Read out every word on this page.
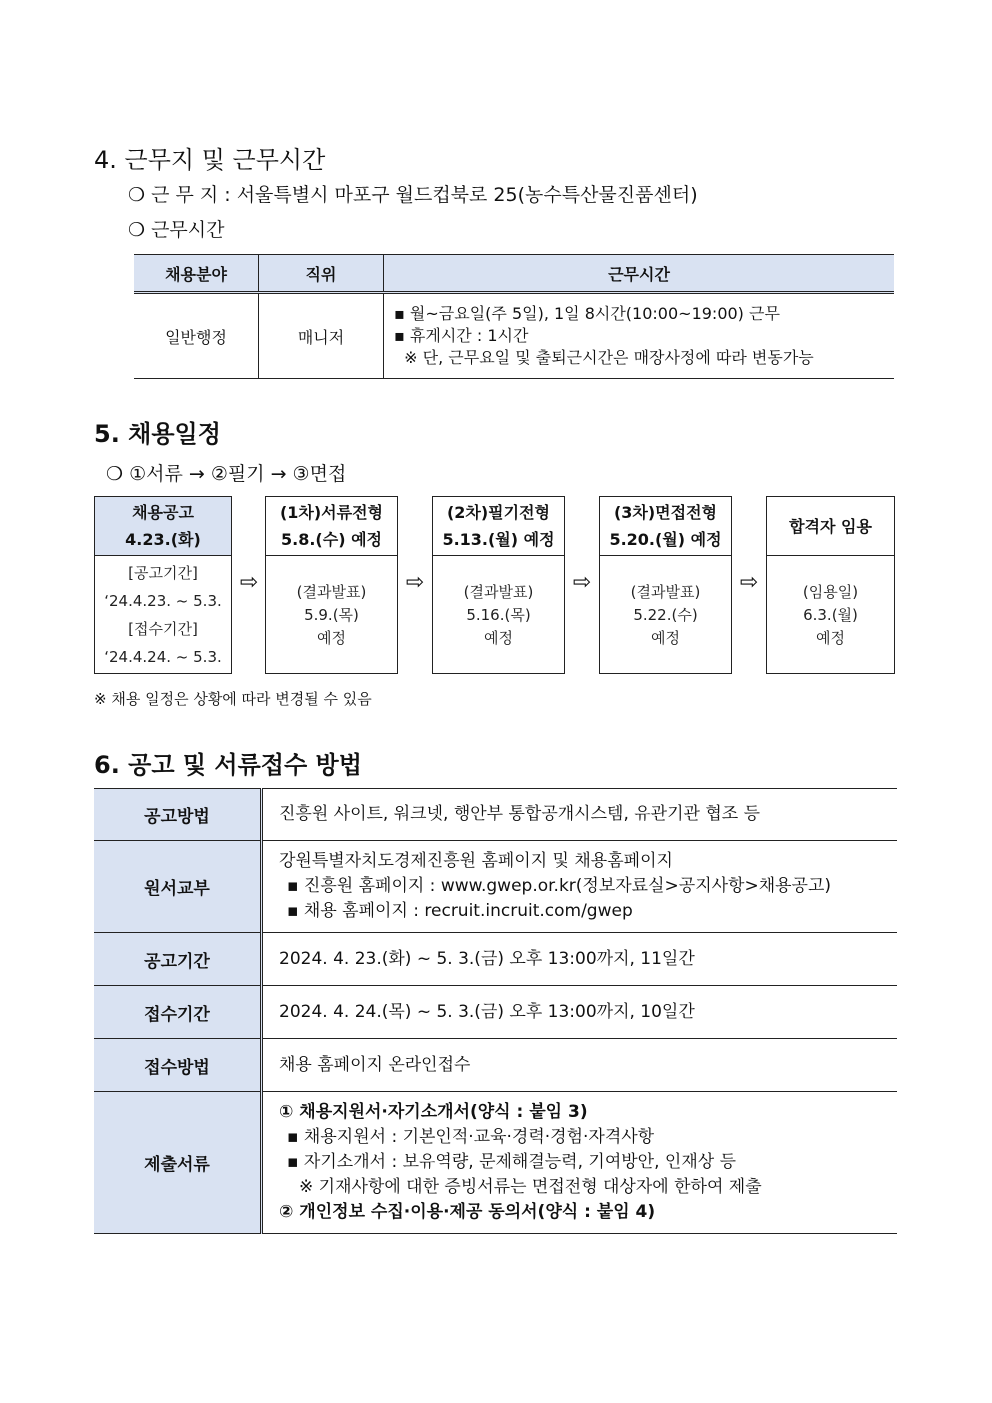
4. 근무지 및 근무시간
❍ 근 무 지 : 서울특별시 마포구 월드컵북로 25(농수특산물진품센터)
❍ 근무시간
채용분야	직위	근무시간
일반행정	매니저	▪ 월~금요일(주 5일), 1일 8시간(10:00~19:00) 근무
▪ 휴게시간 : 1시간
※ 단, 근무요일 및 출퇴근시간은 매장사정에 따라 변동가능
5. 채용일정
❍ ①서류 → ②필기 → ③면접
채용공고
4.23.(화)
[공고기간]
‘24.4.23. ~ 5.3.
[접수기간]
‘24.4.24. ~ 5.3.
⇨
(1차)서류전형
5.8.(수) 예정
(결과발표)
5.9.(목)
예정
⇨
(2차)필기전형
5.13.(월) 예정
(결과발표)
5.16.(목)
예정
⇨
(3차)면접전형
5.20.(월) 예정
(결과발표)
5.22.(수)
예정
⇨
합격자 임용
(임용일)
6.3.(월)
예정
※ 채용 일정은 상황에 따라 변경될 수 있음
6. 공고 및 서류접수 방법
공고방법	진흥원 사이트, 워크넷, 행안부 통합공개시스템, 유관기관 협조 등
원서교부	강원특별자치도경제진흥원 홈페이지 및 채용홈페이지
▪ 진흥원 홈페이지 : www.gwep.or.kr(정보자료실>공지사항>채용공고)
▪ 채용 홈페이지 : recruit.incruit.com/gwep

공고기간	2024. 4. 23.(화) ~ 5. 3.(금) 오후 13:00까지, 11일간
접수기간	2024. 4. 24.(목) ~ 5. 3.(금) 오후 13:00까지, 10일간
접수방법	채용 홈페이지 온라인접수
제출서류	① 채용지원서·자기소개서(양식 : 붙임 3)
▪ 채용지원서 : 기본인적·교육·경력·경험·자격사항
▪ 자기소개서 : 보유역량, 문제해결능력, 기여방안, 인재상 등
※ 기재사항에 대한 증빙서류는 면접전형 대상자에 한하여 제출
② 개인정보 수집·이용·제공 동의서(양식 : 붙임 4)
